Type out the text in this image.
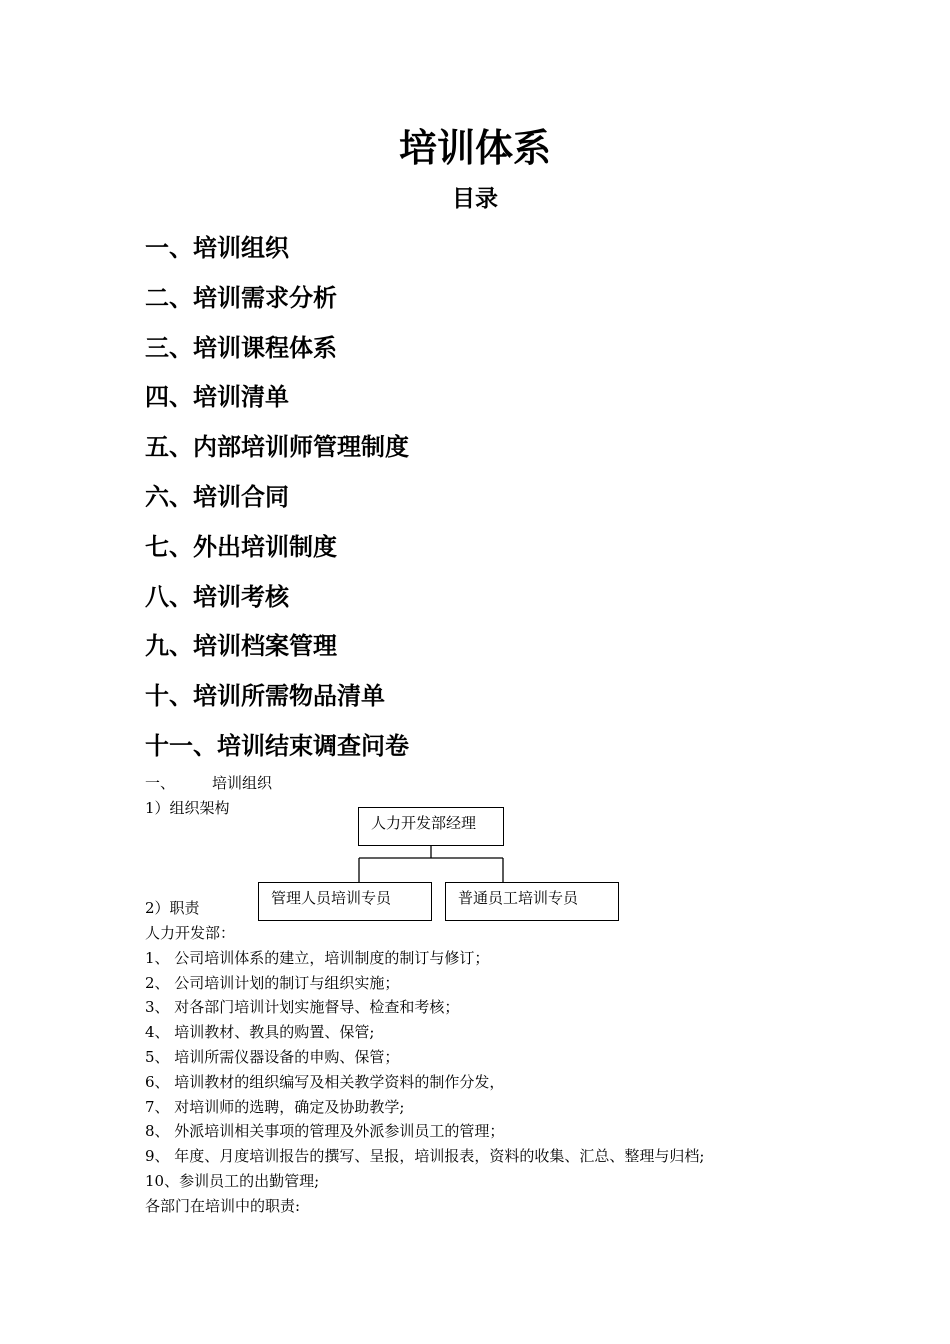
培训体系
目录
一、培训组织
二、培训需求分析
三、培训课程体系
四、培训清单
五、内部培训师管理制度
六、培训合同
七、外出培训制度
八、培训考核
九、培训档案管理
十、培训所需物品清单
十一、培训结束调查问卷
一、 培训组织
1）组织架构
人力开发部经理
管理人员培训专员	普通员工培训专员
2）职责
人力开发部：
1、 公司培训体系的建立，培训制度的制订与修订；
2、 公司培训计划的制订与组织实施；
3、 对各部门培训计划实施督导、检查和考核；
4、 培训教材、教具的购置、保管;
5、 培训所需仪器设备的申购、保管；
6、 培训教材的组织编写及相关教学资料的制作分发，
7、 对培训师的选聘，确定及协助教学;
8、 外派培训相关事项的管理及外派参训员工的管理；
9、 年度、月度培训报告的撰写、呈报，培训报表，资料的收集、汇总、整理与归档;
10、参训员工的出勤管理;
各部门在培训中的职责:
